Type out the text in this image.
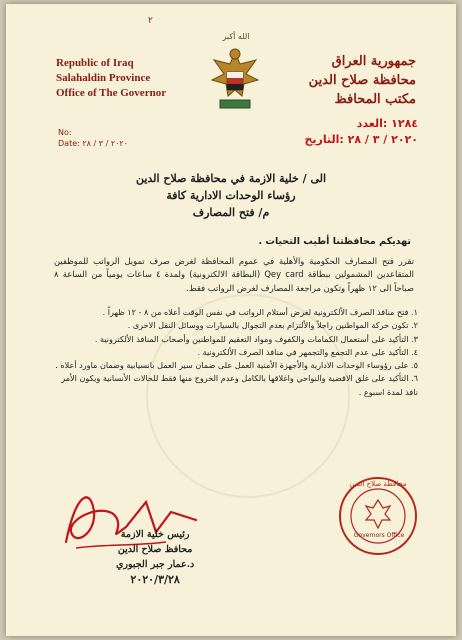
٢
الله أكبر
Republic of Iraq
Salahaldin Province
Office of The Governor
جمهورية العراق
محافظة صلاح الدين
مكتب المحافظ
No:
Date: ٢٠٢٠ / ٣ / ٢٨
١٢٨٤ :العدد
٢٠٢٠ / ٣ / ٢٨ :التاريخ
الى / خلية الازمة في محافظة صلاح الدين
رؤساء الوحدات الادارية كافة
م/ فتح المصارف
تهديكم محافظتنا أطيب التحيات .
تقرر فتح المصارف الحكومية والأهلية في عموم المحافظة لغرض صرف تمويل الرواتب للموظفين المتقاعدين المشمولين ببطاقة Qey card (البطاقة الالكترونية) ولمدة ٤ ساعات يومياً من الساعة ٨ صباحاً الى ١٢ ظهراً وتكون مراجعة المصارف لغرض الرواتب فقط.
١. فتح منافذ الصرف الألكترونية لغرض أستلام الرواتب في نفس الوقت أعلاه من ٨ - ١٢ ظهراً .
٢. تكون حركة المواطنين راجلاً والألتزام بعدم التجوال بالسيارات ووسائل النقل الاخرى .
٣. التأكيد على أستعمال الكمامات والكفوف ومواد التعقيم للمواطنين وأصحاب المنافذ الألكترونية .
٤. التأكيد على عدم التجمع والتجمهر في منافذ الصرف الألكترونية .
٥. على رؤوساء الوحدات الادارية والأجهزة الأمنية العمل على ضمان سير العمل بانسيابية وضمان ماورد أعلاه .
٦. التأكيد على غلق الاقضية والنواحي واغلاقها بالكامل وعدم الخروج منها فقط للحالات الأنسانية ويكون الأمر نافذ لمدة اسبوع .
رئيس خلية الازمة
محافظ صلاح الدين
د.عمار جبر الجبوري
٢٠٢٠/٣/٢٨
محافظة صلاح الدين
Governors Office
